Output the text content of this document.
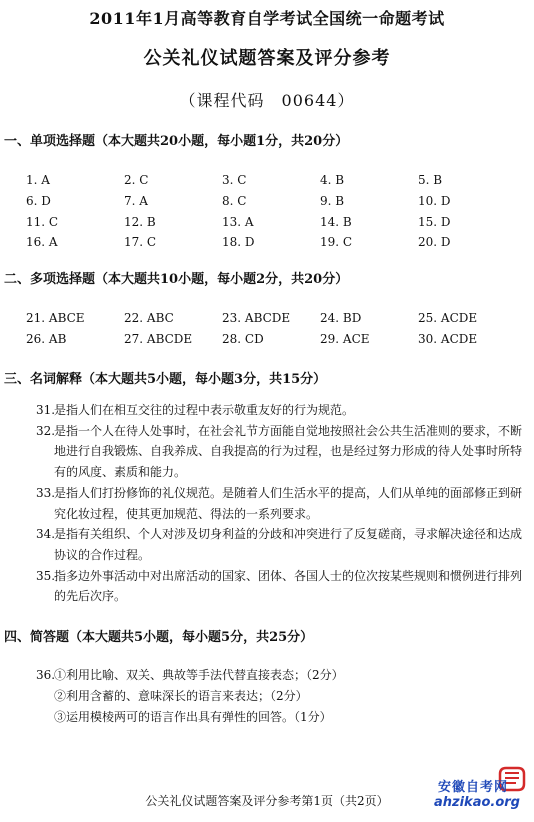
2011年1月高等教育自学考试全国统一命题考试
公关礼仪试题答案及评分参考
（课程代码　00644）
一、单项选择题（本大题共20小题，每小题1分，共20分）
1. A	2. C	3. C	4. B	5. B
6. D	7. A	8. C	9. B	10. D
11. C	12. B	13. A	14. B	15. D
16. A	17. C	18. D	19. C	20. D
二、多项选择题（本大题共10小题，每小题2分，共20分）
21. ABCE	22. ABC	23. ABCDE	24. BD	25. ACDE
26. AB	27. ABCDE	28. CD	29. ACE	30. ACDE
三、名词解释（本大题共5小题，每小题3分，共15分）
31.
是指人们在相互交往的过程中表示敬重友好的行为规范。
32.
是指一个人在待人处事时，在社会礼节方面能自觉地按照社会公共生活准则的要求，不断地进行自我锻炼、自我养成、自我提高的行为过程，也是经过努力形成的待人处事时所特有的风度、素质和能力。
33.
是指人们打扮修饰的礼仪规范。是随着人们生活水平的提高，人们从单纯的面部修正到研究化妆过程，使其更加规范、得法的一系列要求。
34.
是指有关组织、个人对涉及切身利益的分歧和冲突进行了反复磋商，寻求解决途径和达成协议的合作过程。
35.
指多边外事活动中对出席活动的国家、团体、各国人士的位次按某些规则和惯例进行排列的先后次序。
四、简答题（本大题共5小题，每小题5分，共25分）
36.
①利用比喻、双关、典故等手法代替直接表态；（2分）
②利用含蓄的、意味深长的语言来表达；（2分）
③运用模棱两可的语言作出具有弹性的回答。（1分）
安徽自考网
ahzikao.org
公关礼仪试题答案及评分参考第1页（共2页）
